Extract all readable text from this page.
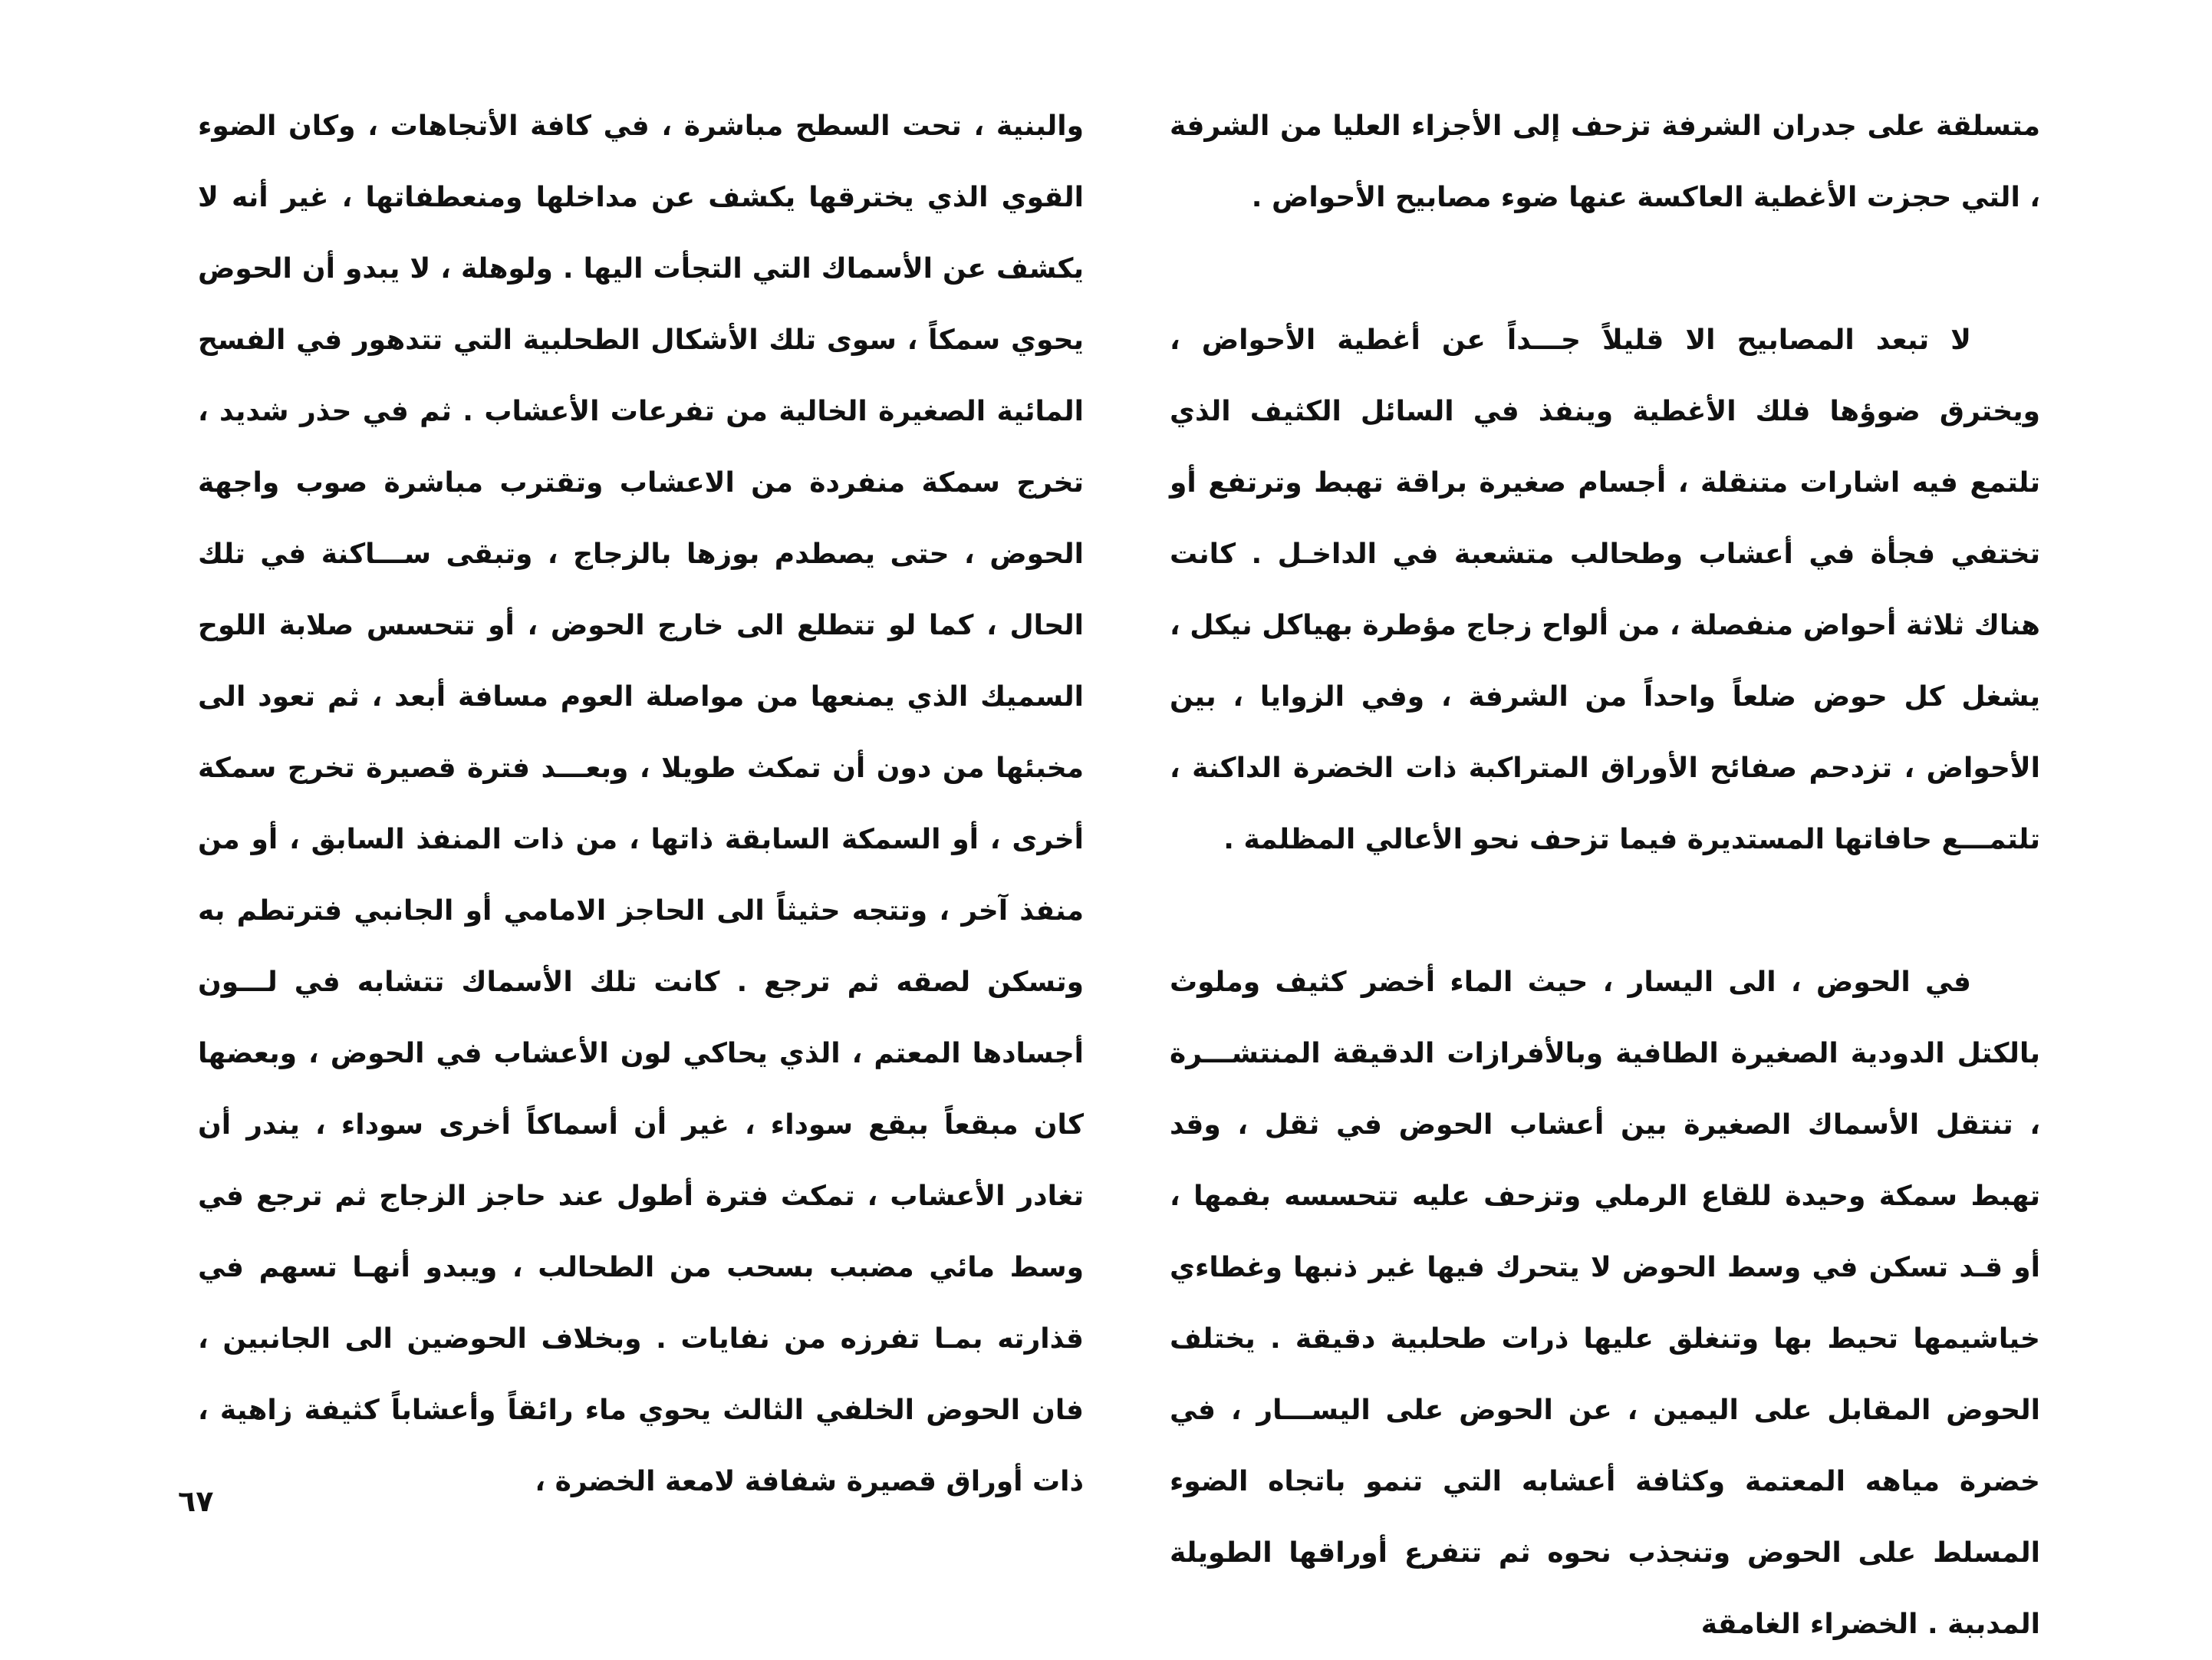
متسلقة على جدران الشرفة تزحف إلى الأجزاء العليا من الشرفة ، التي حجزت الأغطية العاكسة عنها ضوء مصابيح الأحواض .

لا تبعد المصابيح الا قليلاً جـــداً عن أغطية الأحواض ، ويخترق ضوؤها فلك الأغطية وينفذ في السائل الكثيف الذي تلتمع فيه اشارات متنقلة ، أجسام صغيرة براقة تهبط وترتفع أو تختفي فجأة في أعشاب وطحالب متشعبة في الداخـل . كانت هناك ثلاثة أحواض منفصلة ، من ألواح زجاج مؤطرة بهياكل نيكل ، يشغل كل حوض ضلعاً واحداً من الشرفة ، وفي الزوايا ، بين الأحواض ، تزدحم صفائح الأوراق المتراكبة ذات الخضرة الداكنة ، تلتمـــع حافاتها المستديرة فيما تزحف نحو الأعالي المظلمة .

في الحوض ، الى اليسار ، حيث الماء أخضر كثيف وملوث بالكتل الدودية الصغيرة الطافية وبالأفرازات الدقيقة المنتشـــرة ، تنتقل الأسماك الصغيرة بين أعشاب الحوض في ثقل ، وقد تهبط سمكة وحيدة للقاع الرملي وتزحف عليه تتحسسه بفمها ، أو قـد تسكن في وسط الحوض لا يتحرك فيها غير ذنبها وغطاءي خياشيمها تحيط بها وتنغلق عليها ذرات طحلبية دقيقة . يختلف الحوض المقابل على اليمين ، عن الحوض على اليســـار ، في خضرة مياهه المعتمة وكثافة أعشابه التي تنمو باتجاه الضوء المسلط على الحوض وتنجذب نحوه ثم تتفرع أوراقها الطويلة المدببة . الخضراء الغامقة

والبنية ، تحت السطح مباشرة ، في كافة الأتجاهات ، وكان الضوء القوي الذي يخترقها يكشف عن مداخلها ومنعطفاتها ، غير أنه لا يكشف عن الأسماك التي التجأت اليها . ولوهلة ، لا يبدو أن الحوض يحوي سمكاً ، سوى تلك الأشكال الطحلبية التي تتدهور في الفسح المائية الصغيرة الخالية من تفرعات الأعشاب . ثم في حذر شديد ، تخرج سمكة منفردة من الاعشاب وتقترب مباشرة صوب واجهة الحوض ، حتى يصطدم بوزها بالزجاج ، وتبقى ســـاكنة في تلك الحال ، كما لو تتطلع الى خارج الحوض ، أو تتحسس صلابة اللوح السميك الذي يمنعها من مواصلة العوم مسافة أبعد ، ثم تعود الى مخبئها من دون أن تمكث طويلا ، وبعـــد فترة قصيرة تخرج سمكة أخرى ، أو السمكة السابقة ذاتها ، من ذات المنفذ السابق ، أو من منفذ آخر ، وتتجه حثيثاً الى الحاجز الامامي أو الجانبي فترتطم به وتسكن لصقه ثم ترجع . كانت تلك الأسماك تتشابه في لـــون أجسادها المعتم ، الذي يحاكي لون الأعشاب في الحوض ، وبعضها كان مبقعاً ببقع سوداء ، غير أن أسماكاً أخرى سوداء ، يندر أن تغادر الأعشاب ، تمكث فترة أطول عند حاجز الزجاج ثم ترجع في وسط مائي مضبب بسحب من الطحالب ، ويبدو أنهـا تسهم في قذارته بمـا تفرزه من نفايات . وبخلاف الحوضين الى الجانبين ، فان الحوض الخلفي الثالث يحوي ماء رائقاً وأعشاباً كثيفة زاهية ، ذات أوراق قصيرة شفافة لامعة الخضرة ،

٦٧
